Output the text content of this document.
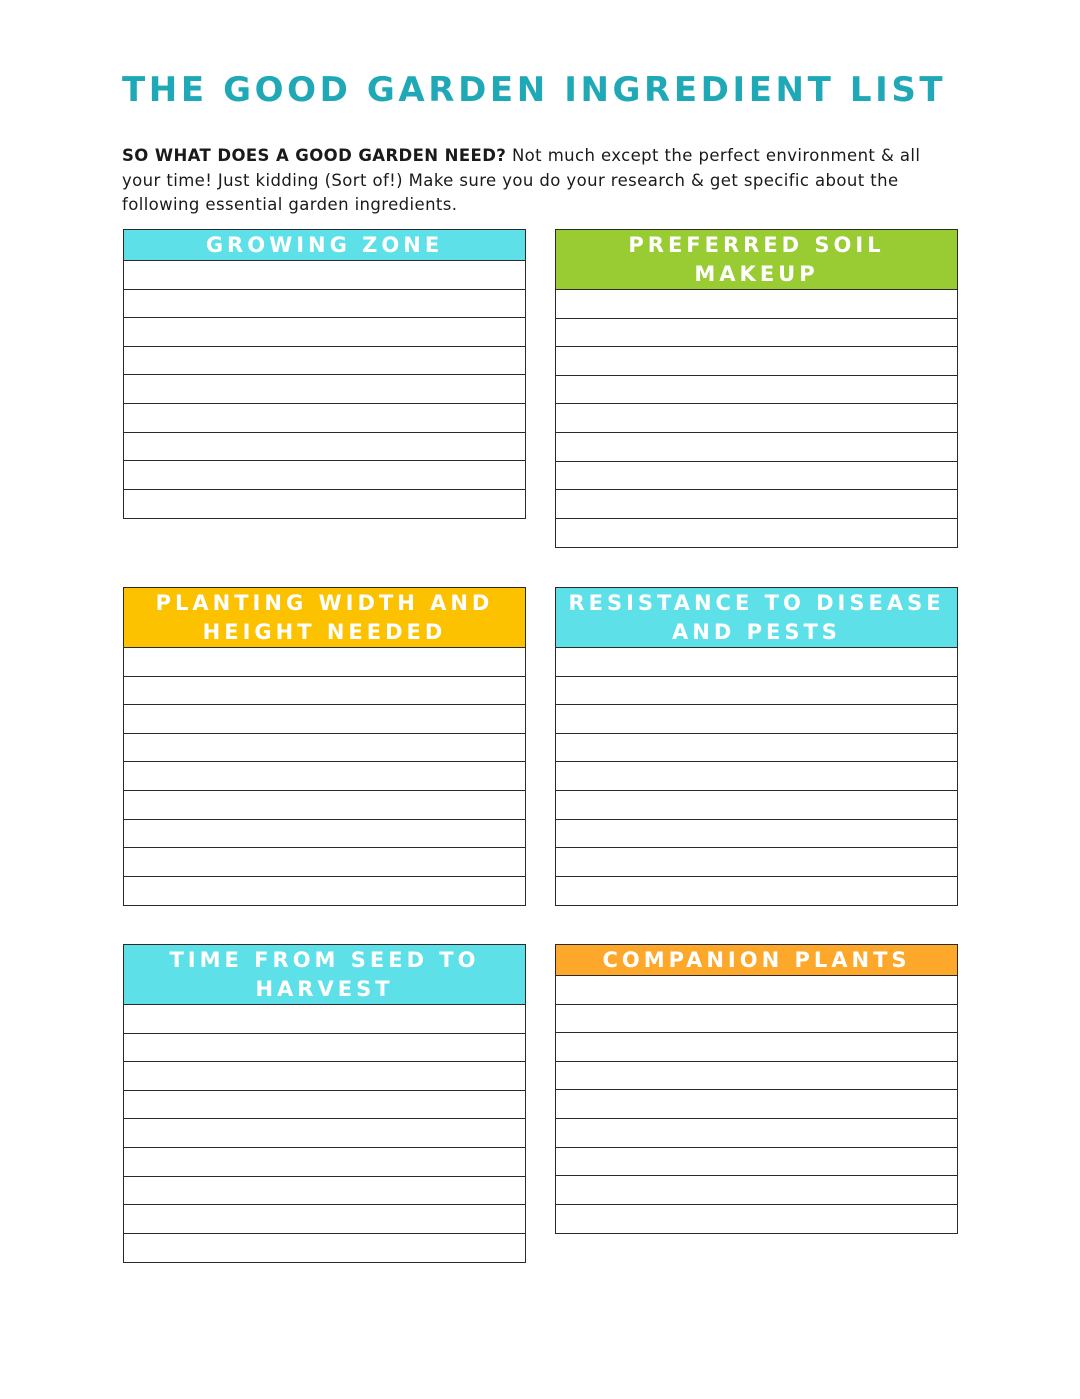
THE GOOD GARDEN INGREDIENT LIST

SO WHAT DOES A GOOD GARDEN NEED? Not much except the perfect environment & all your time! Just kidding (Sort of!) Make sure you do your research & get specific about the following essential garden ingredients.

GROWING ZONE	PREFERRED SOIL MAKEUP
PLANTING WIDTH AND HEIGHT NEEDED
RESISTANCE TO DISEASE AND PESTS
TIME FROM SEED TO HARVEST
COMPANION PLANTS
